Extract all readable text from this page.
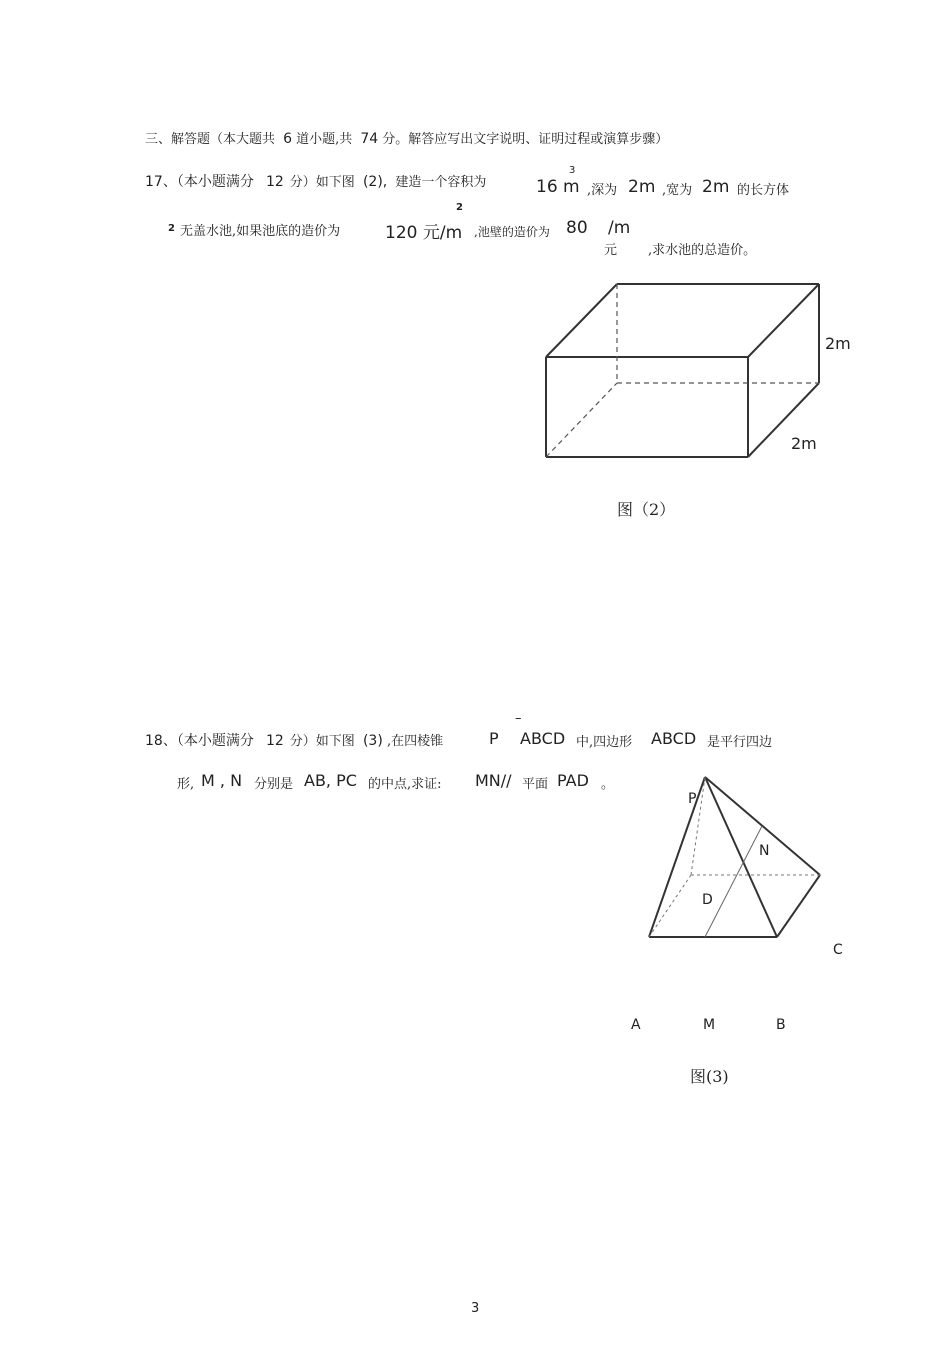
三、解答题（本大题共 6 道小题,共 74 分。解答应写出文字说明、证明过程或演算步骤）
17、（本小题满分 12 分）如下图 (2), 建造一个容积为	16 m
3
,深为 2m ,宽为 2m 的长方体
2 无盖水池,如果池底的造价为	120 元/m
2
,池壁的造价为 80 /m
元 ,求水池的总造价。
2m
2m
图（2）
18、（本小题满分 12 分）如下图 (3) ,在四棱锥	P
–
ABCD 中,四边形 ABCD 是平行四边
形, M , N 分别是 AB, PC 的中点,求证: MN// 平面 PAD 。
P
N
D
C
A	M	B
图(3)
3
